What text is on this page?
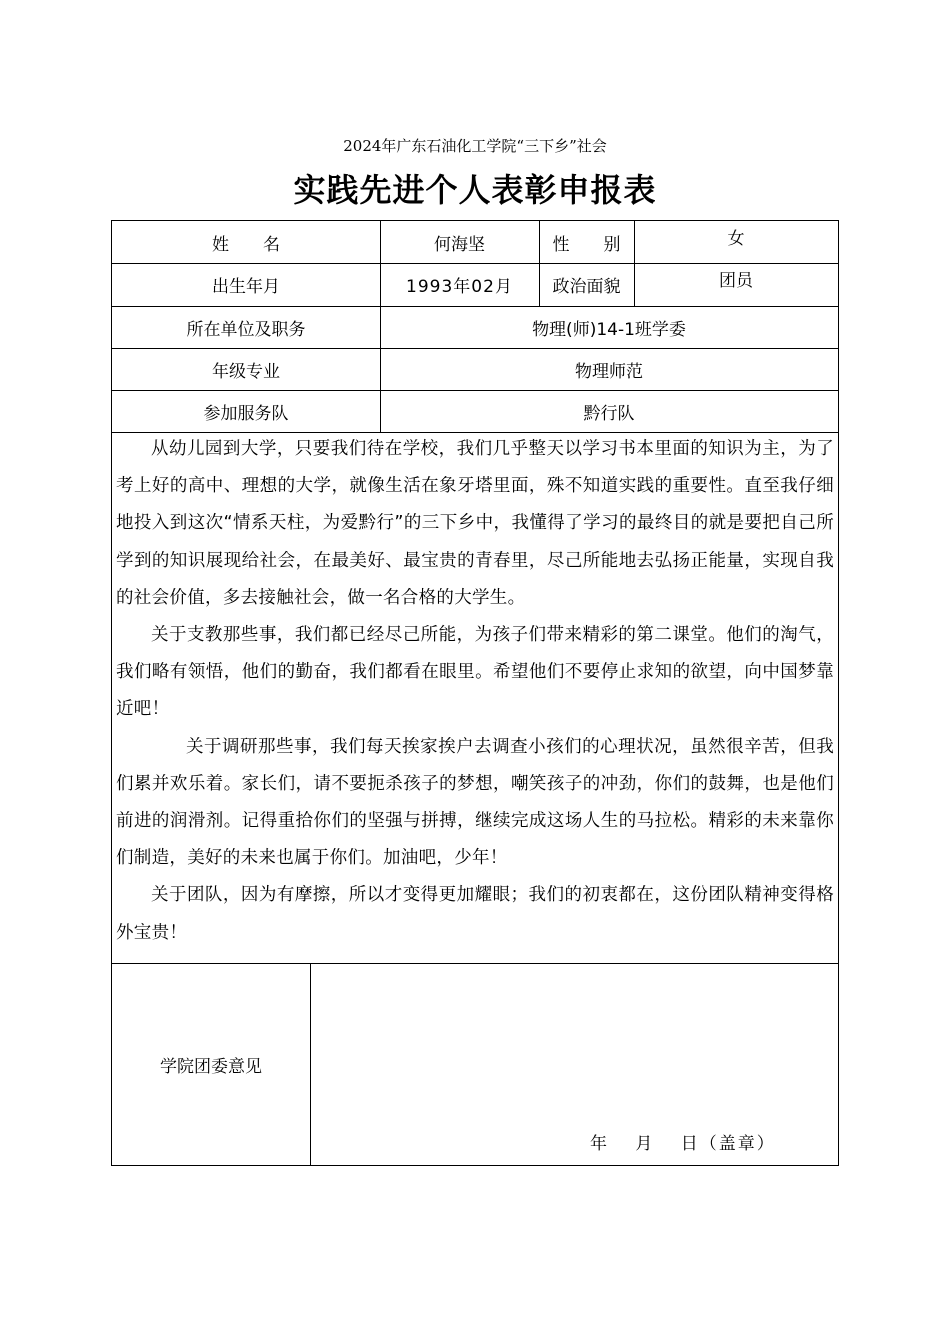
2024年广东石油化工学院“三下乡”社会
实践先进个人表彰申报表
姓　　名	何海坚	性　　别	女
出生年月	1993年02月	政治面貌	团员
所在单位及职务	物理(师)14-1班学委
年级专业	物理师范
参加服务队	黔行队

从幼儿园到大学，只要我们待在学校，我们几乎整天以学习书本里面的知识为主，为了考上好的高中、理想的大学，就像生活在象牙塔里面，殊不知道实践的重要性。直至我仔细地投入到这次“情系天柱，为爱黔行”的三下乡中，我懂得了学习的最终目的就是要把自己所学到的知识展现给社会，在最美好、最宝贵的青春里，尽己所能地去弘扬正能量，实现自我的社会价值，多去接触社会，做一名合格的大学生。

关于支教那些事，我们都已经尽己所能，为孩子们带来精彩的第二课堂。他们的淘气，我们略有领悟，他们的勤奋，我们都看在眼里。希望他们不要停止求知的欲望，向中国梦靠近吧！

关于调研那些事，我们每天挨家挨户去调查小孩们的心理状况，虽然很辛苦，但我们累并欢乐着。家长们，请不要扼杀孩子的梦想，嘲笑孩子的冲劲，你们的鼓舞，也是他们前进的润滑剂。记得重拾你们的坚强与拼搏，继续完成这场人生的马拉松。精彩的未来靠你们制造，美好的未来也属于你们。加油吧，少年！

关于团队，因为有摩擦，所以才变得更加耀眼；我们的初衷都在，这份团队精神变得格外宝贵！

学院团委意见
年　 月　 日（盖章）
